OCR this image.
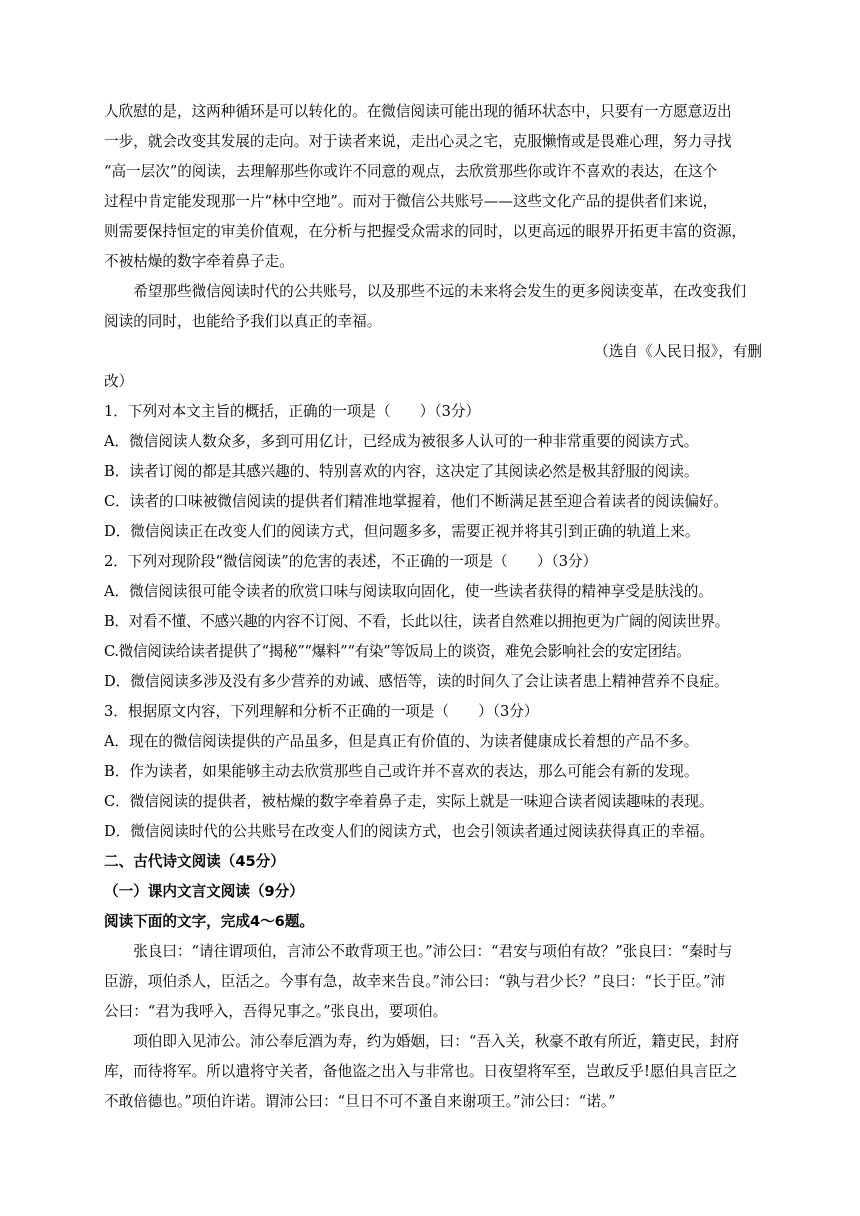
人欣慰的是，这两种循环是可以转化的。在微信阅读可能出现的循环状态中，只要有一方愿意迈出

一步，就会改变其发展的走向。对于读者来说，走出心灵之宅，克服懒惰或是畏难心理，努力寻找

“高一层次”的阅读，去理解那些你或许不同意的观点，去欣赏那些你或许不喜欢的表达，在这个

过程中肯定能发现那一片“林中空地”。而对于微信公共账号——这些文化产品的提供者们来说，

则需要保持恒定的审美价值观，在分析与把握受众需求的同时，以更高远的眼界开拓更丰富的资源，

不被枯燥的数字牵着鼻子走。

希望那些微信阅读时代的公共账号，以及那些不远的未来将会发生的更多阅读变革，在改变我们

阅读的同时，也能给予我们以真正的幸福。

（选自《人民日报》，有删

改）

1．下列对本文主旨的概括，正确的一项是（　　）（3分）

A．微信阅读人数众多，多到可用亿计，已经成为被很多人认可的一种非常重要的阅读方式。

B．读者订阅的都是其感兴趣的、特别喜欢的内容，这决定了其阅读必然是极其舒服的阅读。

C．读者的口味被微信阅读的提供者们精准地掌握着，他们不断满足甚至迎合着读者的阅读偏好。

D．微信阅读正在改变人们的阅读方式，但问题多多，需要正视并将其引到正确的轨道上来。

2．下列对现阶段“微信阅读”的危害的表述，不正确的一项是（　　）（3分）

A．微信阅读很可能令读者的欣赏口味与阅读取向固化，使一些读者获得的精神享受是肤浅的。

B．对看不懂、不感兴趣的内容不订阅、不看，长此以往，读者自然难以拥抱更为广阔的阅读世界。

C.微信阅读给读者提供了“揭秘”“爆料”“有染”等饭局上的谈资，难免会影响社会的安定团结。

D．微信阅读多涉及没有多少营养的劝诫、感悟等，读的时间久了会让读者患上精神营养不良症。

3．根据原文内容，下列理解和分析不正确的一项是（　　）（3分）

A．现在的微信阅读提供的产品虽多，但是真正有价值的、为读者健康成长着想的产品不多。

B．作为读者，如果能够主动去欣赏那些自己或许并不喜欢的表达，那么可能会有新的发现。

C．微信阅读的提供者，被枯燥的数字牵着鼻子走，实际上就是一味迎合读者阅读趣味的表现。

D．微信阅读时代的公共账号在改变人们的阅读方式，也会引领读者通过阅读获得真正的幸福。

二、古代诗文阅读（45分）

（一）课内文言文阅读（9分）

阅读下面的文字，完成4～6题。

张良曰：“请往谓项伯，言沛公不敢背项王也。”沛公曰：“君安与项伯有故？”张良曰：“秦时与

臣游，项伯杀人，臣活之。今事有急，故幸来告良。”沛公曰：“孰与君少长？”良曰：“长于臣。”沛

公曰：“君为我呼入，吾得兄事之。”张良出，要项伯。

项伯即入见沛公。沛公奉卮酒为寿，约为婚姻，曰：“吾入关，秋豪不敢有所近，籍吏民，封府

库，而待将军。所以遣将守关者，备他盗之出入与非常也。日夜望将军至，岂敢反乎!愿伯具言臣之

不敢倍德也。”项伯许诺。谓沛公曰：“旦日不可不蚤自来谢项王。”沛公曰：“诺。”
